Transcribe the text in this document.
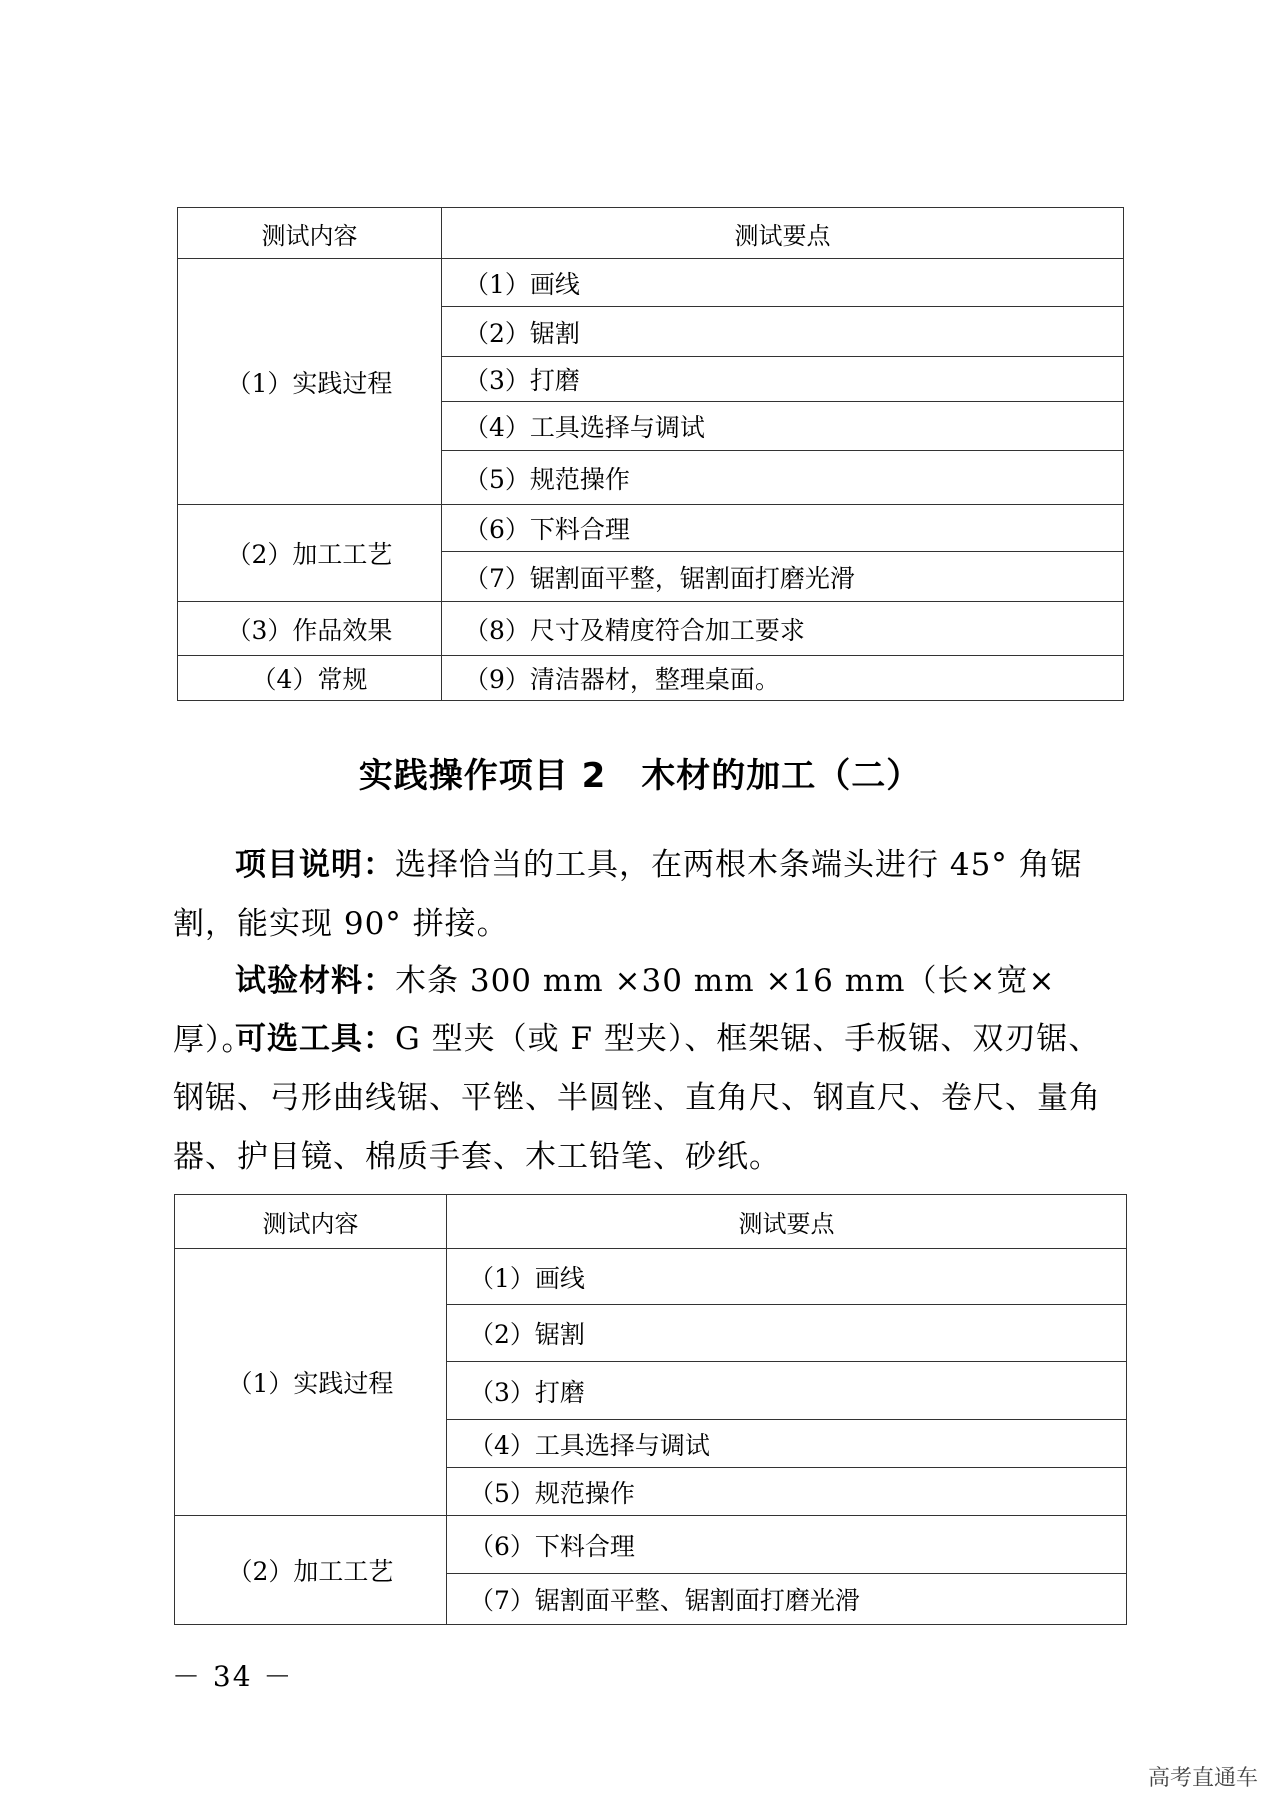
测试内容	测试要点
（1）实践过程	（1）画线
	（2）锯割
	（3）打磨
	（4）工具选择与调试
	（5）规范操作
（2）加工工艺	（6）下料合理
	（7）锯割面平整，锯割面打磨光滑
（3）作品效果	（8）尺寸及精度符合加工要求
（4）常规	（9）清洁器材，整理桌面。
实践操作项目 2　木材的加工（二）
项目说明：选择恰当的工具，在两根木条端头进行 45° 角锯割，能实现 90° 拼接。
试验材料：木条 300 mm ×30 mm ×16 mm（长×宽×厚）。
可选工具：G 型夹（或 F 型夹）、框架锯、手板锯、双刃锯、钢锯、弓形曲线锯、平锉、半圆锉、直角尺、钢直尺、卷尺、量角器、护目镜、棉质手套、木工铅笔、砂纸。
测试内容	测试要点
（1）实践过程	（1）画线
	（2）锯割
	（3）打磨
	（4）工具选择与调试
	（5）规范操作
（2）加工工艺	（6）下料合理
	（7）锯割面平整、锯割面打磨光滑
－ 34 －
高考直通车
